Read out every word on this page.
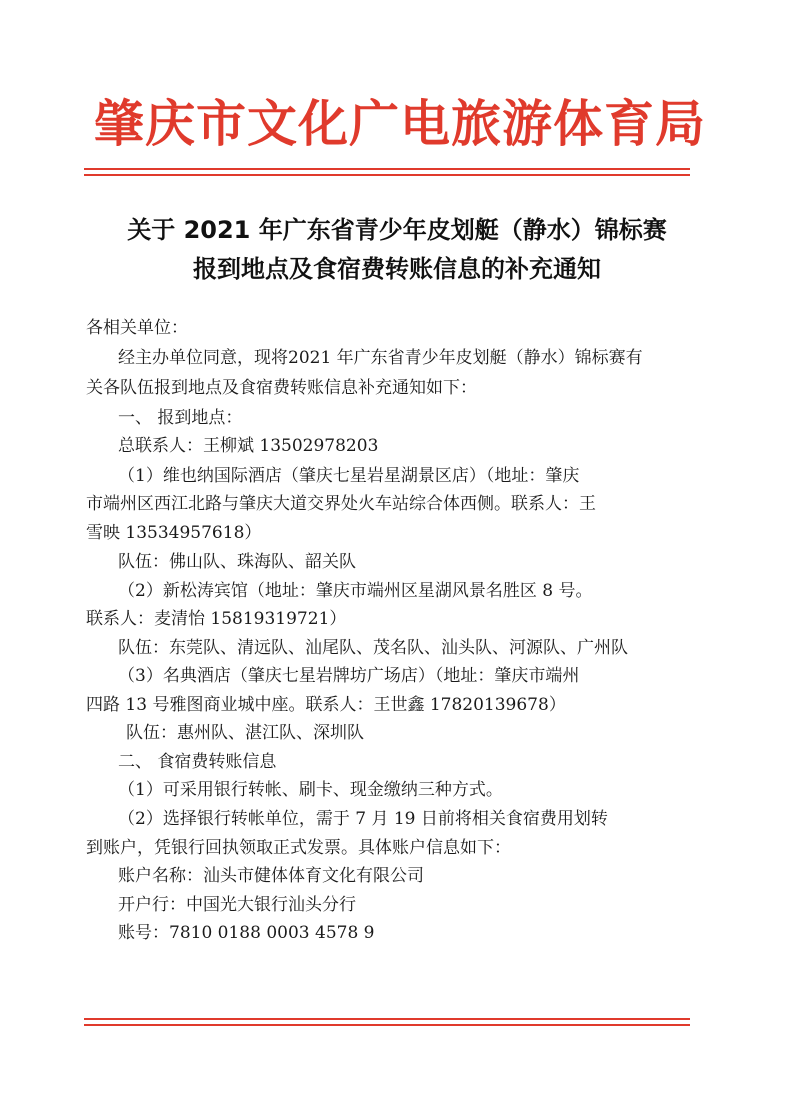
肇庆市文化广电旅游体育局
关于 2021 年广东省青少年皮划艇（静水）锦标赛
报到地点及食宿费转账信息的补充通知
各相关单位：
经主办单位同意，现将2021 年广东省青少年皮划艇（静水）锦标赛有
关各队伍报到地点及食宿费转账信息补充通知如下：
一、 报到地点：
总联系人：王柳斌 13502978203
（1）维也纳国际酒店（肇庆七星岩星湖景区店）（地址：肇庆
市端州区西江北路与肇庆大道交界处火车站综合体西侧。联系人：王
雪映 13534957618）
队伍：佛山队、珠海队、韶关队
（2）新松涛宾馆（地址：肇庆市端州区星湖风景名胜区 8 号。
联系人：麦清怡 15819319721）
队伍：东莞队、清远队、汕尾队、茂名队、汕头队、河源队、广州队
（3）名典酒店（肇庆七星岩牌坊广场店）（地址：肇庆市端州
四路 13 号雅图商业城中座。联系人：王世鑫 17820139678）
队伍：惠州队、湛江队、深圳队
二、 食宿费转账信息
（1）可采用银行转帐、刷卡、现金缴纳三种方式。
（2）选择银行转帐单位，需于 7 月 19 日前将相关食宿费用划转
到账户，凭银行回执领取正式发票。具体账户信息如下：
账户名称：汕头市健体体育文化有限公司
开户行：中国光大银行汕头分行
账号：7810 0188 0003 4578 9
